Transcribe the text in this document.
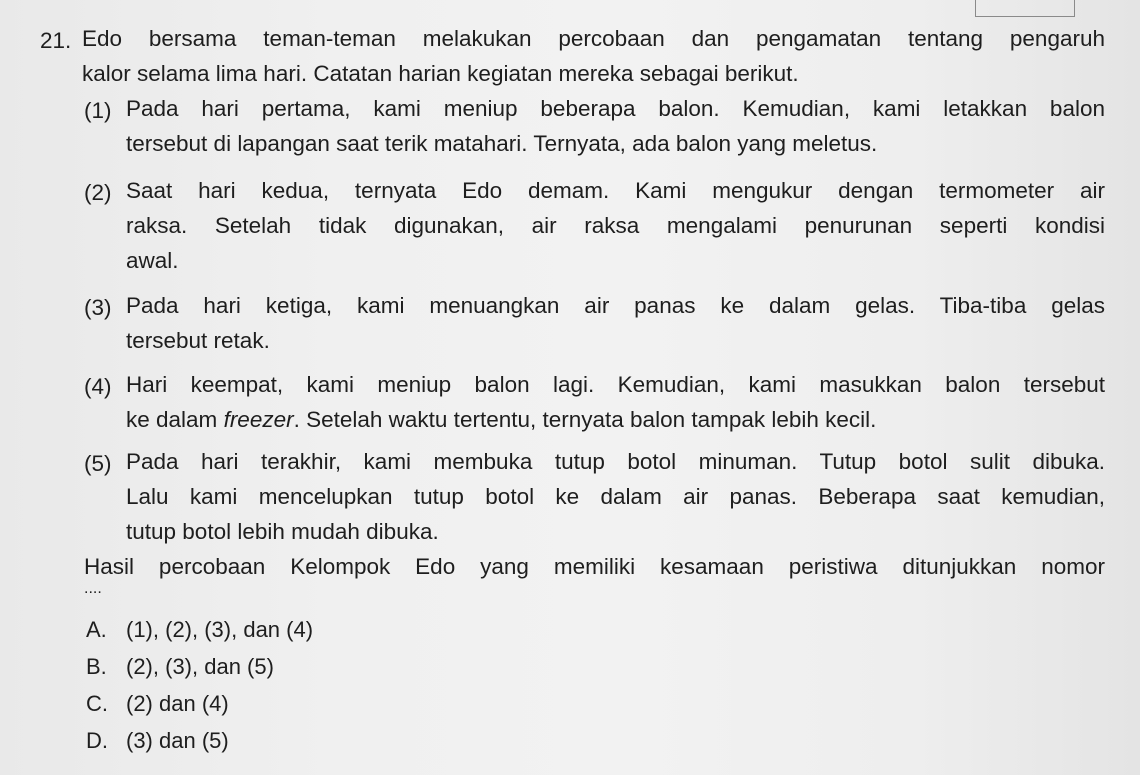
21. Edo bersama teman-teman melakukan percobaan dan pengamatan tentang pengaruh
kalor selama lima hari. Catatan harian kegiatan mereka sebagai berikut.
(1) Pada hari pertama, kami meniup beberapa balon. Kemudian, kami letakkan balon
tersebut di lapangan saat terik matahari. Ternyata, ada balon yang meletus.
(2) Saat hari kedua, ternyata Edo demam. Kami mengukur dengan termometer air
raksa. Setelah tidak digunakan, air raksa mengalami penurunan seperti kondisi
awal.
(3) Pada hari ketiga, kami menuangkan air panas ke dalam gelas. Tiba-tiba gelas
tersebut retak.
(4) Hari keempat, kami meniup balon lagi. Kemudian, kami masukkan balon tersebut
ke dalam freezer. Setelah waktu tertentu, ternyata balon tampak lebih kecil.
(5) Pada hari terakhir, kami membuka tutup botol minuman. Tutup botol sulit dibuka.
Lalu kami mencelupkan tutup botol ke dalam air panas. Beberapa saat kemudian,
tutup botol lebih mudah dibuka.
Hasil percobaan Kelompok Edo yang memiliki kesamaan peristiwa ditunjukkan nomor
....
A. (1), (2), (3), dan (4)
B. (2), (3), dan (5)
C. (2) dan (4)
D. (3) dan (5)
